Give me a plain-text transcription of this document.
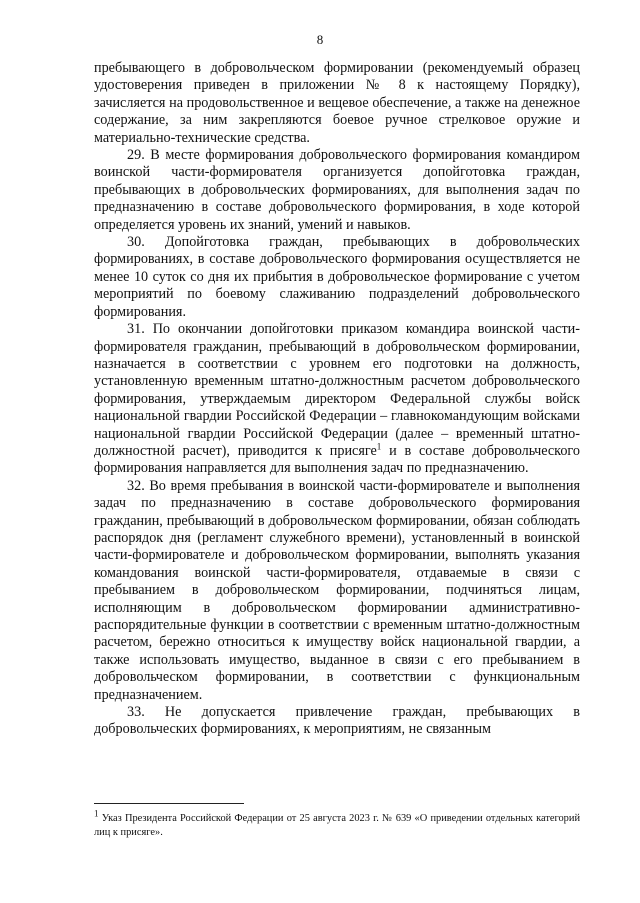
8

пребывающего в добровольческом формировании (рекомендуемый образец удостоверения приведен в приложении № 8 к настоящему Порядку), зачисляется на продовольственное и вещевое обеспечение, а также на денежное содержание, за ним закрепляются боевое ручное стрелковое оружие и материально-технические средства.

29. В месте формирования добровольческого формирования командиром воинской части-формирователя организуется допойготовка граждан, пребывающих в добровольческих формированиях, для выполнения задач по предназначению в составе добровольческого формирования, в ходе которой определяется уровень их знаний, умений и навыков.

30. Допойготовка граждан, пребывающих в добровольческих формированиях, в составе добровольческого формирования осуществляется не менее 10 суток со дня их прибытия в добровольческое формирование с учетом мероприятий по боевому слаживанию подразделений добровольческого формирования.

31. По окончании допойготовки приказом командира воинской части-формирователя гражданин, пребывающий в добровольческом формировании, назначается в соответствии с уровнем его подготовки на должность, установленную временным штатно-должностным расчетом добровольческого формирования, утверждаемым директором Федеральной службы войск национальной гвардии Российской Федерации – главнокомандующим войсками национальной гвардии Российской Федерации (далее – временный штатно-должностной расчет), приводится к присяге$^1$ и в составе добровольческого формирования направляется для выполнения задач по предназначению.

32. Во время пребывания в воинской части-формирователе и выполнения задач по предназначению в составе добровольческого формирования гражданин, пребывающий в добровольческом формировании, обязан соблюдать распорядок дня (регламент служебного времени), установленный в воинской части-формирователе и добровольческом формировании, выполнять указания командования воинской части-формирователя, отдаваемые в связи с пребыванием в добровольческом формировании, подчиняться лицам, исполняющим в добровольческом формировании административно-распорядительные функции в соответствии с временным штатно-должностным расчетом, бережно относиться к имуществу войск национальной гвардии, а также использовать имущество, выданное в связи с его пребыванием в добровольческом формировании, в соответствии с функциональным предназначением.

33. Не допускается привлечение граждан, пребывающих в добровольческих формированиях, к мероприятиям, не связанным

$^1$ Указ Президента Российской Федерации от 25 августа 2023 г. № 639 «О приведении отдельных категорий лиц к присяге».
